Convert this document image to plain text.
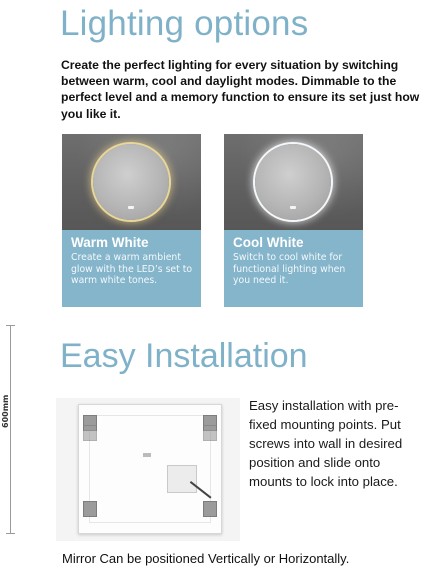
Lighting options
Create the perfect lighting for every situation by switching between warm, cool and daylight modes. Dimmable to the perfect level and a memory function to ensure its set just how you like it.
Warm White
Create a warm ambient glow with the LED’s set to warm white tones.
Cool White
Switch to cool white for functional lighting when you need it.
600mm
Easy Installation
Easy installation with pre-fixed mounting points. Put screws into wall in desired position and slide onto mounts to lock into place.
Mirror Can be positioned Vertically or Horizontally.
